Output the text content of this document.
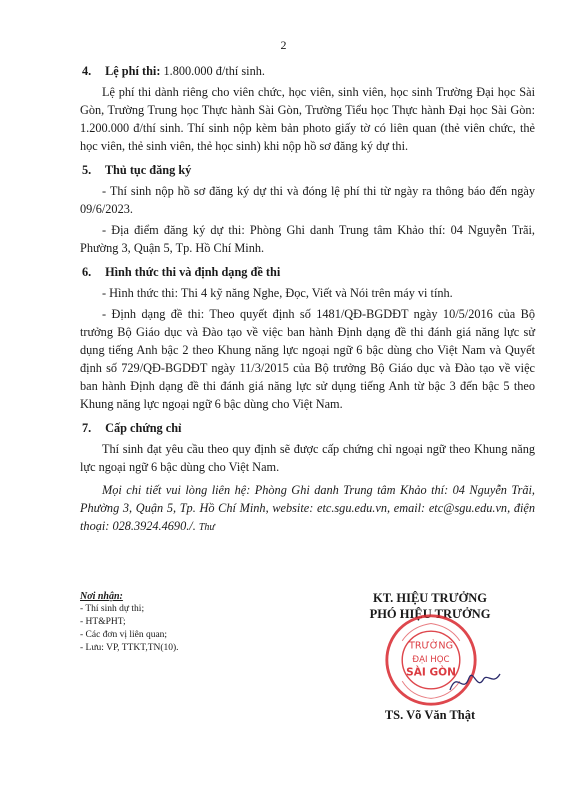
2
4. Lệ phí thi: 1.800.000 đ/thí sinh.

Lệ phí thi dành riêng cho viên chức, học viên, sinh viên, học sinh Trường Đại học Sài Gòn, Trường Trung học Thực hành Sài Gòn, Trường Tiểu học Thực hành Đại học Sài Gòn: 1.200.000 đ/thí sinh. Thí sinh nộp kèm bản photo giấy tờ có liên quan (thẻ viên chức, thẻ học viên, thẻ sinh viên, thẻ học sinh) khi nộp hồ sơ đăng ký dự thi.

5. Thủ tục đăng ký

- Thí sinh nộp hồ sơ đăng ký dự thi và đóng lệ phí thi từ ngày ra thông báo đến ngày 09/6/2023.

- Địa điểm đăng ký dự thi: Phòng Ghi danh Trung tâm Khảo thí: 04 Nguyễn Trãi, Phường 3, Quận 5, Tp. Hồ Chí Minh.

6. Hình thức thi và định dạng đề thi

- Hình thức thi: Thi 4 kỹ năng Nghe, Đọc, Viết và Nói trên máy vi tính.

- Định dạng đề thi: Theo quyết định số 1481/QĐ-BGDĐT ngày 10/5/2016 của Bộ trưởng Bộ Giáo dục và Đào tạo về việc ban hành Định dạng đề thi đánh giá năng lực sử dụng tiếng Anh bậc 2 theo Khung năng lực ngoại ngữ 6 bậc dùng cho Việt Nam và Quyết định số 729/QĐ-BGDĐT ngày 11/3/2015 của Bộ trưởng Bộ Giáo dục và Đào tạo về việc ban hành Định dạng đề thi đánh giá năng lực sử dụng tiếng Anh từ bậc 3 đến bậc 5 theo Khung năng lực ngoại ngữ 6 bậc dùng cho Việt Nam.

7. Cấp chứng chỉ

Thí sinh đạt yêu cầu theo quy định sẽ được cấp chứng chỉ ngoại ngữ theo Khung năng lực ngoại ngữ 6 bậc dùng cho Việt Nam.

Mọi chi tiết vui lòng liên hệ: Phòng Ghi danh Trung tâm Khảo thí: 04 Nguyễn Trãi, Phường 3, Quận 5, Tp. Hồ Chí Minh, website: etc.sgu.edu.vn, email: etc@sgu.edu.vn, điện thoại: 028.3924.4690./. Thư

Nơi nhận:
- Thí sinh dự thi;
- HT&PHT;
- Các đơn vị liên quan;
- Lưu: VP, TTKT,TN(10).
KT. HIỆU TRƯỞNG
PHÓ HIỆU TRƯỞNG
TRƯỜNG
ĐẠI HỌC
SÀI GÒN
TS. Võ Văn Thật
